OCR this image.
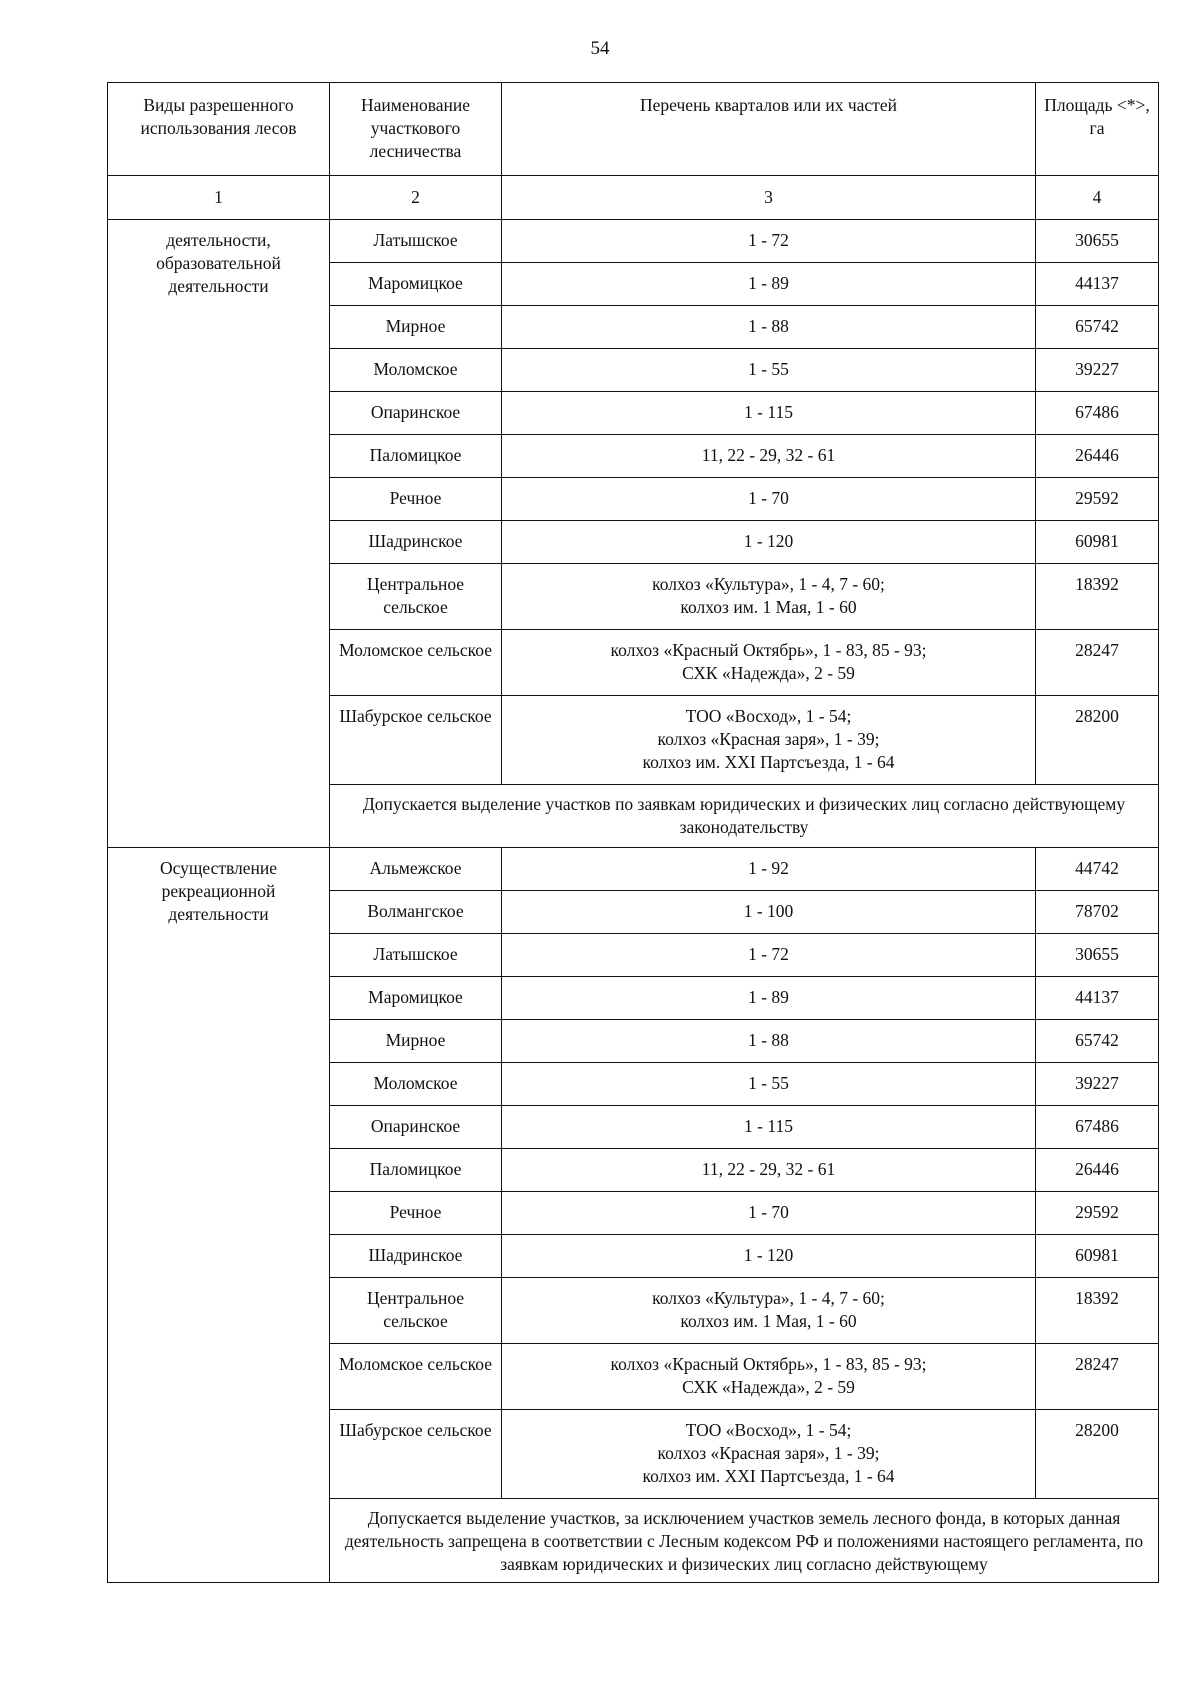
54
Виды разрешенного использования лесов	Наименование участкового лесничества	Перечень кварталов или их частей	Площадь <*>, га
1	2	3	4
деятельности, образовательной деятельности	Латышское	1 - 72	30655
	Маромицкое	1 - 89	44137
	Мирное	1 - 88	65742
	Моломское	1 - 55	39227
	Опаринское	1 - 115	67486
	Паломицкое	11, 22 - 29, 32 - 61	26446
	Речное	1 - 70	29592
	Шадринское	1 - 120	60981
	Центральное сельское	колхоз «Культура», 1 - 4, 7 - 60;
колхоз им. 1 Мая, 1 - 60	18392
	Моломское сельское	колхоз «Красный Октябрь», 1 - 83, 85 - 93;
СХК «Надежда», 2 - 59	28247
	Шабурское сельское	ТОО «Восход», 1 - 54;
колхоз «Красная заря», 1 - 39;
колхоз им. XXI Партсъезда, 1 - 64	28200
	Допускается выделение участков по заявкам юридических и физических лиц согласно действующему законодательству		
Осуществление рекреационной деятельности	Альмежское	1 - 92	44742
	Волмангское	1 - 100	78702
	Латышское	1 - 72	30655
	Маромицкое	1 - 89	44137
	Мирное	1 - 88	65742
	Моломское	1 - 55	39227
	Опаринское	1 - 115	67486
	Паломицкое	11, 22 - 29, 32 - 61	26446
	Речное	1 - 70	29592
	Шадринское	1 - 120	60981
	Центральное сельское	колхоз «Культура», 1 - 4, 7 - 60;
колхоз им. 1 Мая, 1 - 60	18392
	Моломское сельское	колхоз «Красный Октябрь», 1 - 83, 85 - 93;
СХК «Надежда», 2 - 59	28247
	Шабурское сельское	ТОО «Восход», 1 - 54;
колхоз «Красная заря», 1 - 39;
колхоз им. XXI Партсъезда, 1 - 64	28200
	Допускается выделение участков, за исключением участков земель лесного фонда, в которых данная деятельность запрещена в соответствии с Лесным кодексом РФ и положениями настоящего регламента, по заявкам юридических и физических лиц согласно действующему		
